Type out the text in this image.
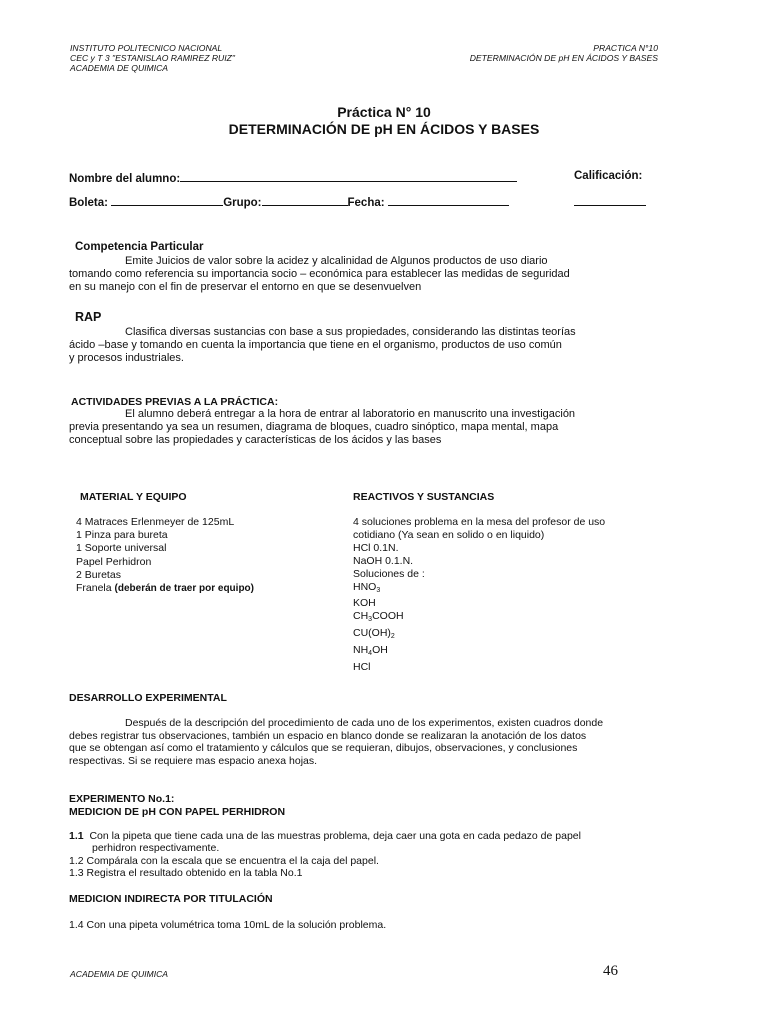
INSTITUTO POLITECNICO NACIONAL
CEC y T 3 "ESTANISLAO RAMIREZ RUIZ"
ACADEMIA DE QUIMICA
PRACTICA N°10
DETERMINACIÓN DE pH EN ÁCIDOS Y BASES
Práctica N° 10
DETERMINACIÓN DE pH EN ÁCIDOS Y BASES
Nombre del alumno:	Calificación:
Boleta:	Grupo:	Fecha:
Competencia Particular
Emite Juicios de valor sobre la acidez y alcalinidad de Algunos productos de uso diario
tomando como referencia su importancia socio – económica para establecer las medidas de seguridad
en su manejo con el fin de preservar el entorno en que se desenvuelven
RAP
Clasifica diversas sustancias con base a sus propiedades, considerando las distintas teorías
ácido –base y tomando en cuenta la importancia que tiene en el organismo, productos de uso común
y procesos industriales.
ACTIVIDADES PREVIAS A LA PRÁCTICA:
El alumno deberá entregar a la hora de entrar al laboratorio en manuscrito una investigación
previa presentando ya sea un resumen, diagrama de bloques, cuadro sinóptico, mapa mental, mapa
conceptual sobre las propiedades y características de los ácidos y las bases
MATERIAL Y EQUIPO
4 Matraces Erlenmeyer de 125mL
1 Pinza para bureta
1 Soporte universal
Papel Perhidron
2 Buretas
Franela (deberán de traer por equipo)
REACTIVOS Y SUSTANCIAS
4 soluciones problema en la mesa del profesor de uso
cotidiano (Ya sean en solido o en liquido)
HCl 0.1N.
NaOH 0.1.N.
Soluciones de :
$HNO_3$
KOH
$CH_3COOH$
$CU(OH)_2$
$NH_4OH$
HCl
DESARROLLO EXPERIMENTAL
Después de la descripción del procedimiento de cada uno de los experimentos, existen cuadros donde
debes registrar tus observaciones, también un espacio en blanco donde se realizaran la anotación de los datos
que se obtengan así como el tratamiento y cálculos que se requieran, dibujos, observaciones, y conclusiones
respectivas. Si se requiere mas espacio anexa hojas.
EXPERIMENTO No.1:
MEDICION DE pH CON PAPEL PERHIDRON
1.1 Con la pipeta que tiene cada una de las muestras problema, deja caer una gota en cada pedazo de papel
perhidron respectivamente.
1.2 Compárala con la escala que se encuentra el la caja del papel.
1.3 Registra el resultado obtenido en la tabla No.1
MEDICION INDIRECTA POR TITULACIÓN
1.4 Con una pipeta volumétrica toma 10mL de la solución problema.
ACADEMIA DE QUIMICA	46
